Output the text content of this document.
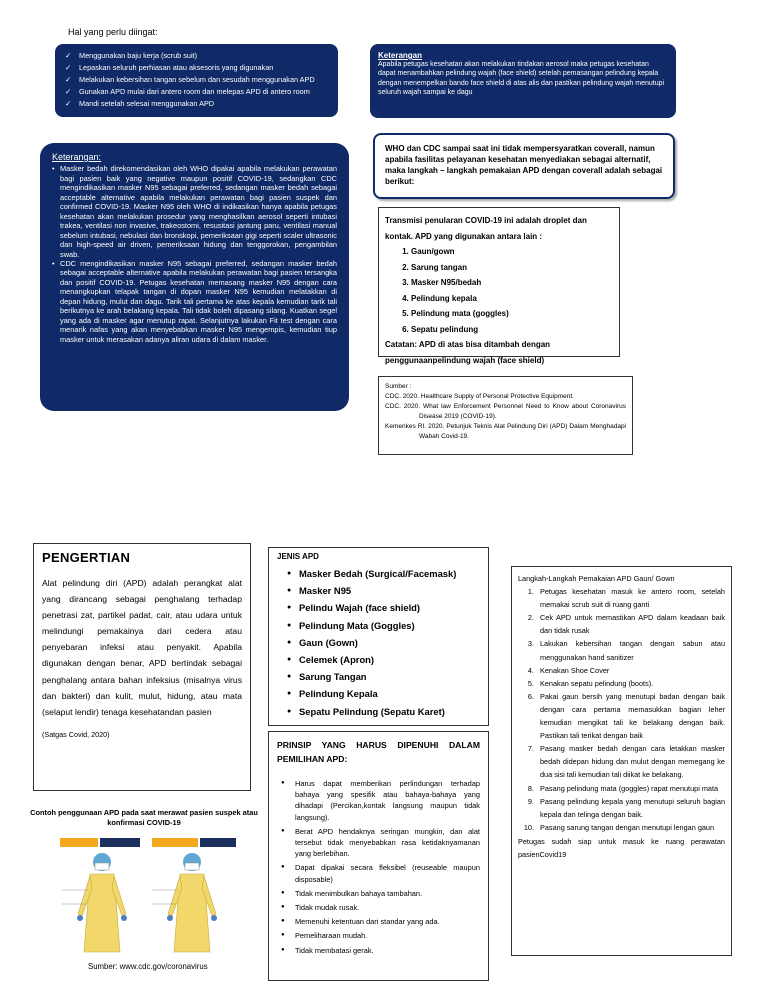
Hal yang perlu diingat:
✓ Menggunakan baju kerja (scrub suit)
✓ Lepaskan seluruh perhiasan atau aksesoris yang digunakan
✓ Melakukan kebersihan tangan sebelum dan sesudah menggunakan APD
✓ Gunakan APD mulai dari antero room dan melepas APD di antero room
✓ Mandi setelah selesai menggunakan APD
Keterangan
Apabila petugas kesehatan akan melakukan tindakan aerosol maka petugas kesehatan dapat menambahkan pelindung wajah (face shield) setelah pemasangan pelindung kepala dengan menempelkan bando face shield di atas alis dan pastikan pelindung wajah menutupi seluruh wajah sampai ke dagu
Keterangan:
• Masker bedah direkomendasikan oleh WHO dipakai apabila melakukan perawatan bagi pasien baik yang negative maupun positif COVID-19, sedangkan CDC mengindikasikan masker N95 sebagai preferred, sedangan masker bedah sebagai acceptable alternative apabila melakukan perawatan bagi pasien suspek dan confirmed COVID-19. Masker N95 oleh WHO di indikasikan hanya apabila petugas kesehatan akan melakukan prosedur yang menghasilkan aerosol seperti intubasi trakea, ventilasi non invasive, trakeostomi, resusitasi jantung paru, ventilasi manual sebelum intubasi, nebulasi dan bronskopi, pemeriksaan gigi seperti scaler ultrasonic dan high-speed air driven, pemeriksaan hidung dan tenggorokan, pengambilan swab.
• CDC mengindikasikan masker N95 sebagai preferred, sedangan masker bedah sebagai acceptable alternative apabila melakukan perawatan bagi pasien tersangka dan positif COVID-19. Petugas kesehatan memasang masker N95 dengan cara menangkupkan telapak tangan di dopan masker N95 kemudian melatakkan di depan hidung, mulut dan dagu. Tarik tali pertama ke atas kepala kemudian tarik tali berikutnya ke arah belakang kepala. Tali tidak boleh dipasang silang. Kuatkan segel yang ada di masker agar menutup rapat. Selanjutnya lakukan Fit test dengan cara menarik nafas yang akan menyebabkan masker N95 mengempis, kemudian tiup masker untuk merasakan adanya aliran udara di dalam masker.
WHO dan CDC sampai saat ini tidak mempersyaratkan coverall, namun apabila fasilitas pelayanan kesehatan menyediakan sebagai alternatif, maka langkah – langkah pemakaian APD dengan coverall adalah sebagai berikut:
Transmisi penularan COVID-19 ini adalah droplet dan kontak. APD yang digunakan antara lain :
1. Gaun/gown
2. Sarung tangan
3. Masker N95/bedah
4. Pelindung kepala
5. Pelindung mata (goggles)
6. Sepatu pelindung
Catatan: APD di atas bisa ditambah dengan penggunaanpelindung wajah (face shield)

Sumber :

CDC. 2020. Healthcare Supply of Personal Protective Equipment.

CDC. 2020. What law Enforcement Personnel Need to Know about Coronavirus Disease 2019 (COVID-19).

Kemenkes RI. 2020. Petunjuk Teknis Alat Pelindung Diri (APD) Dalam Menghadapi Wabah Covid-19.

PENGERTIAN

Alat pelindung diri (APD) adalah perangkat alat yang dirancang sebagai penghalang terhadap penetrasi zat, partikel padat, cair, atau udara untuk melindungi pemakainya dari cedera atau penyebaran infeksi atau penyakit. Apabila digunakan dengan benar, APD bertindak sebagai penghalang antara bahan infeksius (misalnya virus dan bakteri) dan kulit, mulut, hidung, atau mata (selaput lendir) tenaga kesehatandan pasien

(Satgas Covid, 2020)

Contoh penggunaan APD pada saat merawat pasien suspek atau konfirmasi COVID-19
Sumber: www.cdc.gov/coronavirus
JENIS APD
● Masker Bedah (Surgical/Facemask)
● Masker N95
● Pelindu Wajah (face shield)
● Pelindung Mata (Goggles)
● Gaun (Gown)
● Celemek (Apron)
● Sarung Tangan
● Pelindung Kepala
● Sepatu Pelindung (Sepatu Karet)
PRINSIP YANG HARUS DIPENUHI DALAM PEMILIHAN APD:
● Harus dapat memberikan perlindungan terhadap bahaya yang spesifik atau bahaya-bahaya yang dihadapi (Percikan,kontak langsung maupun tidak langsung).
● Berat APD hendaknya seringan mungkin, dan alat tersebut tidak menyebabkan rasa ketidaknyamanan yang berlebihan.
● Dapat dipakai secara fleksibel (reuseable maupun disposable)
● Tidak menimbulkan bahaya tambahan.
● Tidak mudak rusak.
● Memenuhi ketentuan dari standar yang ada.
● Pemeliharaan mudah.
● Tidak membatasi gerak.
Langkah-Langkah Pemakaian APD Gaun/ Gown
1. Petugas kesehatan masuk ke antero room, setelah memakai scrub suit di ruang ganti
2. Cek APD untuk memastikan APD dalam keadaan baik dan tidak rusak
3. Lakukan kebersihan tangan dengan sabun atau menggunakan hand sanitizer
4. Kenakan Shoe Cover
5. Kenakan sepatu pelindung (boots).
6. Pakai gaun bersih yang menutupi badan dengan baik dengan cara pertama memasukkan bagian leher kemudian mengikat tali ke belakang dengan baik. Pastikan tali terikat dengan baik
7. Pasang masker bedah dengan cara letakkan masker bedah didepan hidung dan mulut dengan memegang ke dua sisi tali kemudian tali diikat ke belakang.
8. Pasang pelindung mata (goggles) rapat menutupi mata
9. Pasang pelindung kepala yang menutupi seluruh bagian kepala dan telinga dengan baik.
10. Pasang sarung tangan dengan menutupi lengan gaun
Petugas sudah siap untuk masuk ke ruang perawatan pasienCovid19
